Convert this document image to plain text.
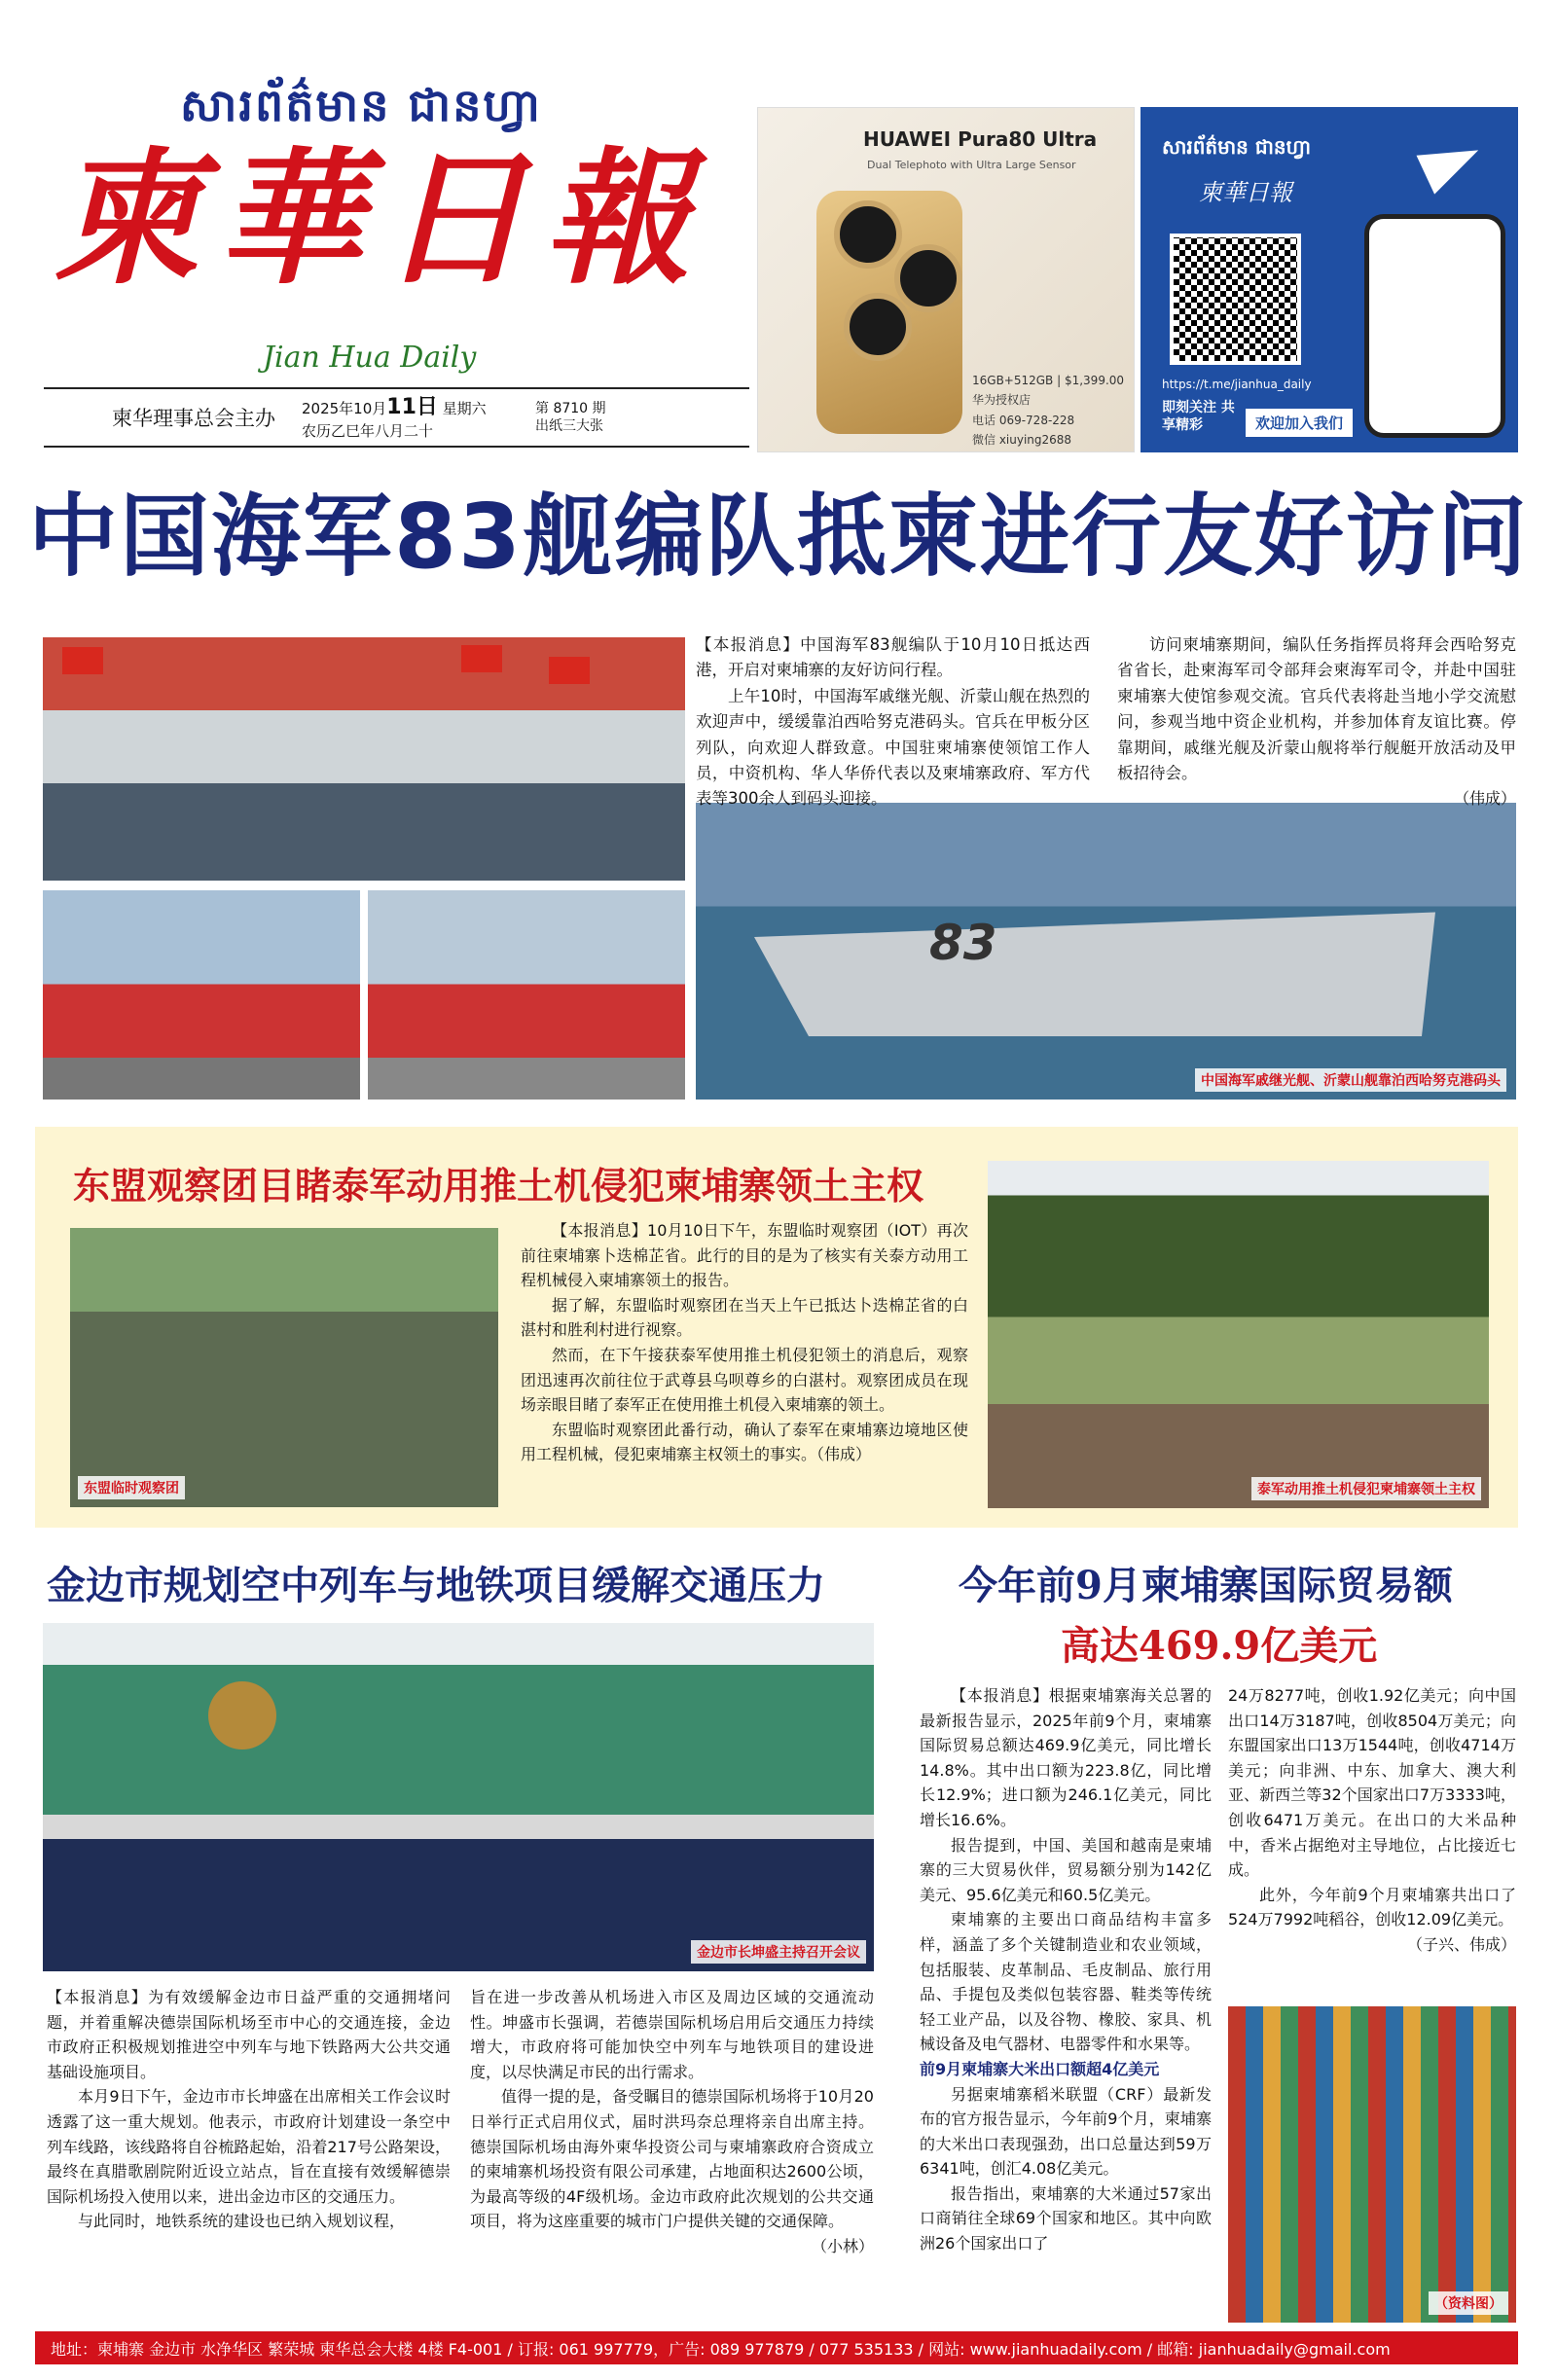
សារព័ត៌មាន ជានហ្វា
柬華日報
Jian Hua Daily
柬华理事总会主办	2025年10月11日 星期六
农历乙巳年八月二十
第 8710 期
出纸三大张
HUAWEI Pura80 Ultra
Dual Telephoto with Ultra Large Sensor
16GB+512GB | $1,399.00
华为授权店
电话 069-728-228
微信 xiuying2688
សារព័ត៌មាន ជានហ្វា
柬華日報
https://t.me/jianhua_daily
即刻关注 共享精彩	欢迎加入我们
中国海军83舰编队抵柬进行友好访问
83
中国海军戚继光舰、沂蒙山舰靠泊西哈努克港码头

【本报消息】中国海军83舰编队于10月10日抵达西港，开启对柬埔寨的友好访问行程。

上午10时，中国海军戚继光舰、沂蒙山舰在热烈的欢迎声中，缓缓靠泊西哈努克港码头。官兵在甲板分区列队，向欢迎人群致意。中国驻柬埔寨使领馆工作人员，中资机构、华人华侨代表以及柬埔寨政府、军方代表等300余人到码头迎接。

访问柬埔寨期间，编队任务指挥员将拜会西哈努克省省长，赴柬海军司令部拜会柬海军司令，并赴中国驻柬埔寨大使馆参观交流。官兵代表将赴当地小学交流慰问，参观当地中资企业机构，并参加体育友谊比赛。停靠期间，戚继光舰及沂蒙山舰将举行舰艇开放活动及甲板招待会。

（伟成）
东盟观察团目睹泰军动用推土机侵犯柬埔寨领土主权
东盟临时观察团

【本报消息】10月10日下午，东盟临时观察团（IOT）再次前往柬埔寨卜迭棉芷省。此行的目的是为了核实有关泰方动用工程机械侵入柬埔寨领土的报告。

据了解，东盟临时观察团在当天上午已抵达卜迭棉芷省的白湛村和胜利村进行视察。

然而，在下午接获泰军使用推土机侵犯领土的消息后，观察团迅速再次前往位于武尊县乌呗尊乡的白湛村。观察团成员在现场亲眼目睹了泰军正在使用推土机侵入柬埔寨的领土。

东盟临时观察团此番行动，确认了泰军在柬埔寨边境地区使用工程机械，侵犯柬埔寨主权领土的事实。（伟成）

泰军动用推土机侵犯柬埔寨领土主权
金边市规划空中列车与地铁项目缓解交通压力
金边市长坤盛主持召开会议

【本报消息】为有效缓解金边市日益严重的交通拥堵问题，并着重解决德崇国际机场至市中心的交通连接，金边市政府正积极规划推进空中列车与地下铁路两大公共交通基础设施项目。

本月9日下午，金边市市长坤盛在出席相关工作会议时透露了这一重大规划。他表示，市政府计划建设一条空中列车线路，该线路将自谷梳路起始，沿着217号公路架设，最终在真腊歌剧院附近设立站点，旨在直接有效缓解德崇国际机场投入使用以来，进出金边市区的交通压力。

与此同时，地铁系统的建设也已纳入规划议程，

旨在进一步改善从机场进入市区及周边区域的交通流动性。坤盛市长强调，若德崇国际机场启用后交通压力持续增大，市政府将可能加快空中列车与地铁项目的建设进度，以尽快满足市民的出行需求。

值得一提的是，备受瞩目的德崇国际机场将于10月20日举行正式启用仪式，届时洪玛奈总理将亲自出席主持。德崇国际机场由海外柬华投资公司与柬埔寨政府合资成立的柬埔寨机场投资有限公司承建，占地面积达2600公顷，为最高等级的4F级机场。金边市政府此次规划的公共交通项目，将为这座重要的城市门户提供关键的交通保障。

（小林）
今年前9月柬埔寨国际贸易额
高达469.9亿美元

【本报消息】根据柬埔寨海关总署的最新报告显示，2025年前9个月，柬埔寨国际贸易总额达469.9亿美元，同比增长14.8%。其中出口额为223.8亿，同比增长12.9%；进口额为246.1亿美元，同比增长16.6%。

报告提到，中国、美国和越南是柬埔寨的三大贸易伙伴，贸易额分别为142亿美元、95.6亿美元和60.5亿美元。

柬埔寨的主要出口商品结构丰富多样，涵盖了多个关键制造业和农业领域，包括服装、皮革制品、毛皮制品、旅行用品、手提包及类似包装容器、鞋类等传统轻工业产品，以及谷物、橡胶、家具、机械设备及电气器材、电器零件和水果等。

前9月柬埔寨大米出口额超4亿美元

另据柬埔寨稻米联盟（CRF）最新发布的官方报告显示，今年前9个月，柬埔寨的大米出口表现强劲，出口总量达到59万6341吨，创汇4.08亿美元。

报告指出，柬埔寨的大米通过57家出口商销往全球69个国家和地区。其中向欧洲26个国家出口了

24万8277吨，创收1.92亿美元；向中国出口14万3187吨，创收8504万美元；向东盟国家出口13万1544吨，创收4714万美元；向非洲、中东、加拿大、澳大利亚、新西兰等32个国家出口7万3333吨，创收6471万美元。在出口的大米品种中，香米占据绝对主导地位，占比接近七成。

此外，今年前9个月柬埔寨共出口了524万7992吨稻谷，创收12.09亿美元。

（子兴、伟成）
（资料图）
地址：柬埔寨 金边市 水净华区 繁荣城 柬华总会大楼 4楼 F4-001 / 订报: 061 997779，广告: 089 977879 / 077 535133 / 网站: www.jianhuadaily.com / 邮箱: jianhuadaily@gmail.com
